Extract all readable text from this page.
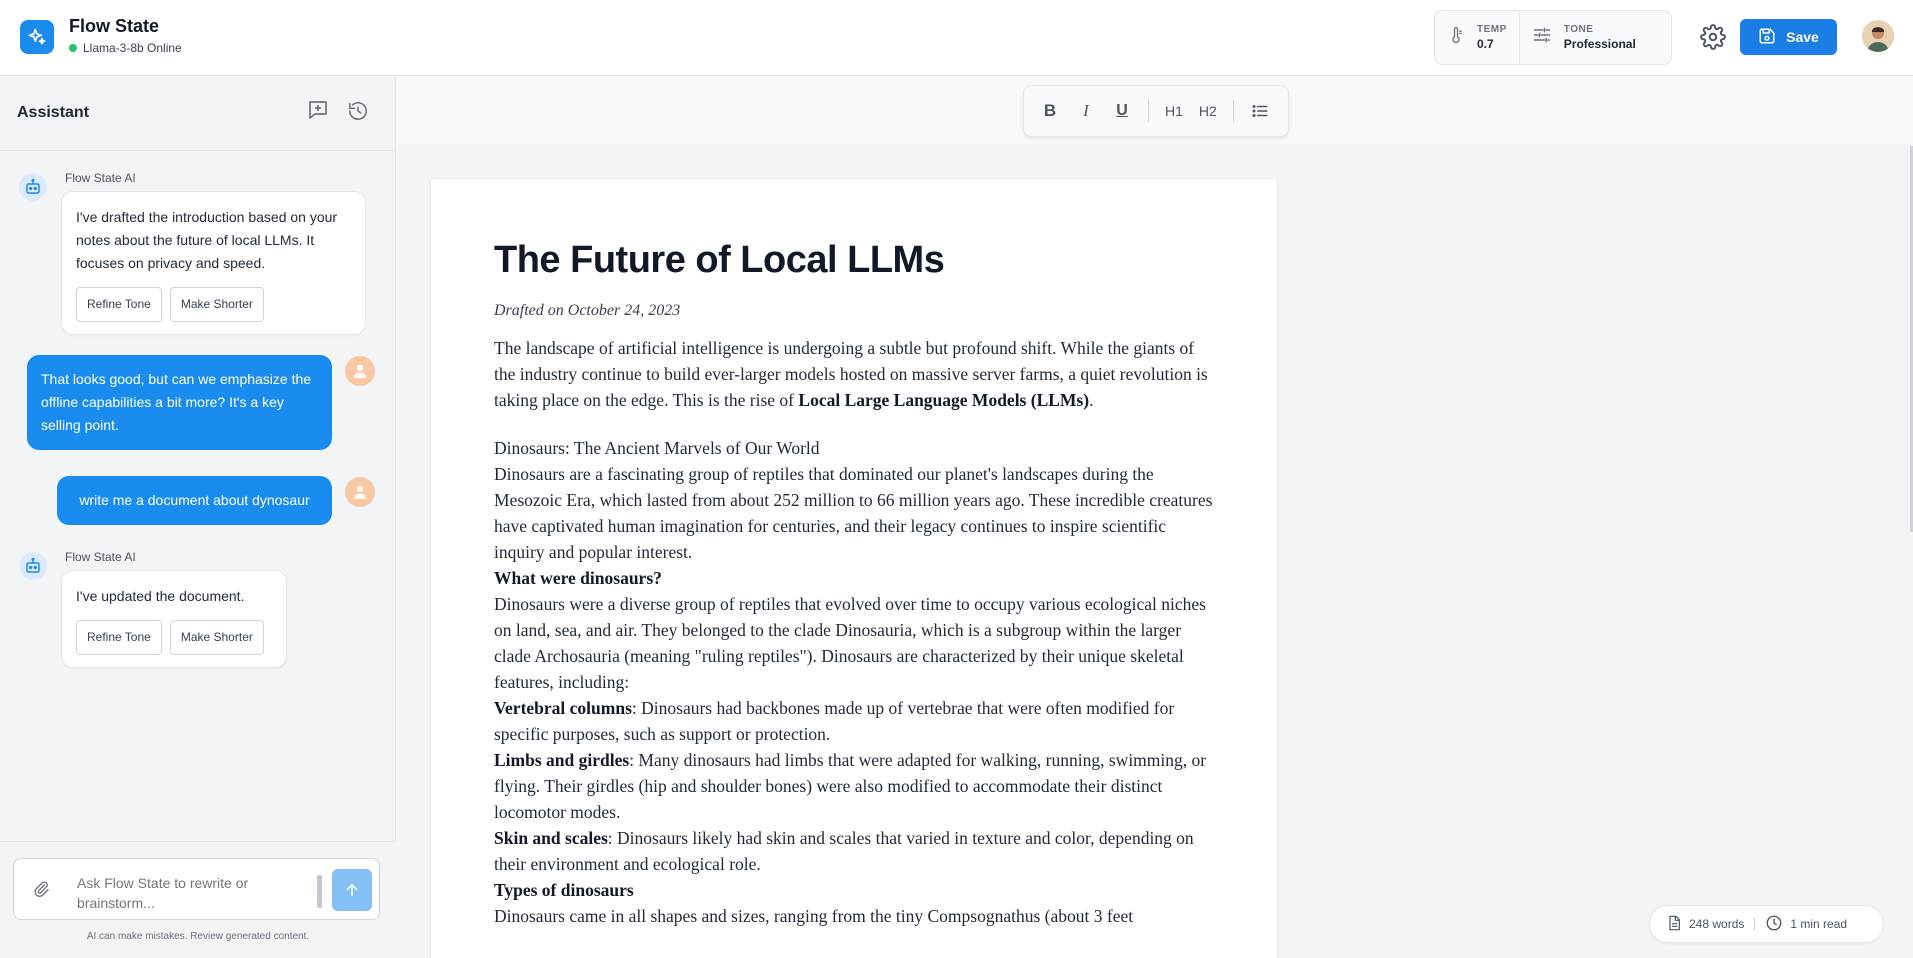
Flow State
Llama-3-8b Online
TEMP
0.7
TONE
Professional	Save
Assistant
Flow State AI
I've drafted the introduction based on your notes about the future of local LLMs. It focuses on privacy and speed.
Refine Tone	Make Shorter
That looks good, but can we emphasize the offline capabilities a bit more? It's a key selling point.
write me a document about dynosaur
Flow State AI
I've updated the document.
Refine Tone	Make Shorter
Ask Flow State to rewrite or brainstorm...
AI can make mistakes. Review generated content.
B	I	U	H1	H2
The Future of Local LLMs
Drafted on October 24, 2023

The landscape of artificial intelligence is undergoing a subtle but profound shift. While the giants of the industry continue to build ever-larger models hosted on massive server farms, a quiet revolution is taking place on the edge. This is the rise of Local Large Language Models (LLMs).

Dinosaurs: The Ancient Marvels of Our World

Dinosaurs are a fascinating group of reptiles that dominated our planet's landscapes during the Mesozoic Era, which lasted from about 252 million to 66 million years ago. These incredible creatures have captivated human imagination for centuries, and their legacy continues to inspire scientific inquiry and popular interest.

What were dinosaurs?

Dinosaurs were a diverse group of reptiles that evolved over time to occupy various ecological niches on land, sea, and air. They belonged to the clade Dinosauria, which is a subgroup within the larger clade Archosauria (meaning "ruling reptiles"). Dinosaurs are characterized by their unique skeletal features, including:

Vertebral columns: Dinosaurs had backbones made up of vertebrae that were often modified for specific purposes, such as support or protection.

Limbs and girdles: Many dinosaurs had limbs that were adapted for walking, running, swimming, or flying. Their girdles (hip and shoulder bones) were also modified to accommodate their distinct locomotor modes.

Skin and scales: Dinosaurs likely had skin and scales that varied in texture and color, depending on their environment and ecological role.

Types of dinosaurs

Dinosaurs came in all shapes and sizes, ranging from the tiny Compsognathus (about 3 feet	248 words	1 min read
